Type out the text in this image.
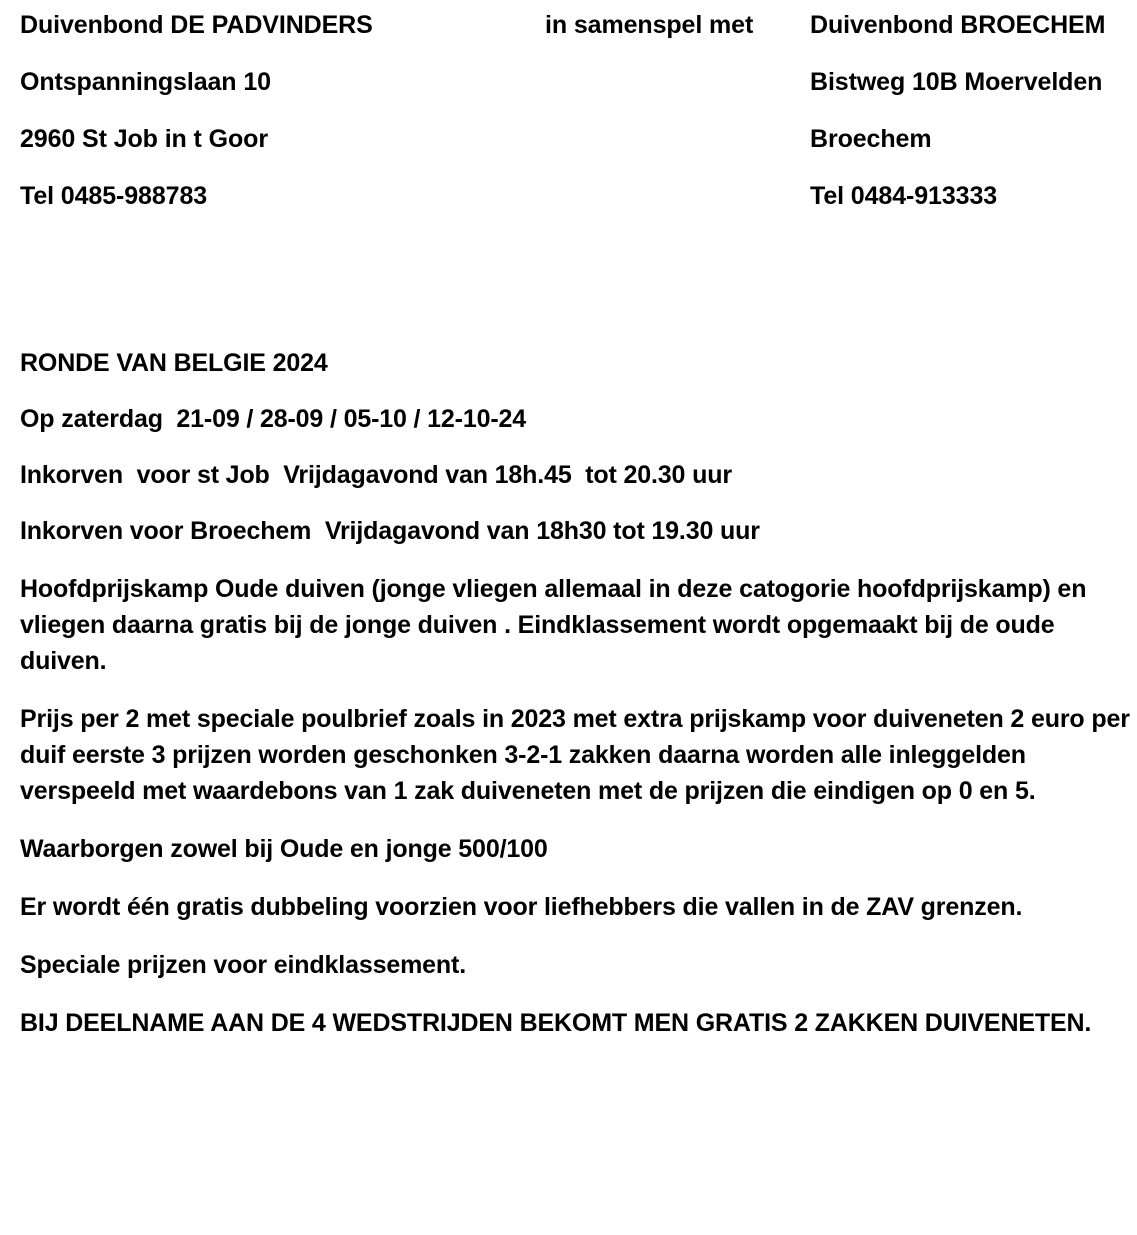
Duivenbond DE PADVINDERS	in samenspel met Duivenbond BROECHEM
Ontspanningslaan 10	Bistweg 10B Moervelden
2960 St Job in t Goor	Broechem
Tel 0485-988783	Tel 0484-913333

RONDE VAN BELGIE 2024

Op zaterdag  21-09 / 28-09 / 05-10 / 12-10-24

Inkorven  voor st Job  Vrijdagavond van 18h.45  tot 20.30 uur

Inkorven voor Broechem  Vrijdagavond van 18h30 tot 19.30 uur

Hoofdprijskamp Oude duiven (jonge vliegen allemaal in deze catogorie hoofdprijskamp) en vliegen daarna gratis bij de jonge duiven . Eindklassement wordt opgemaakt bij de oude duiven.

Prijs per 2 met speciale poulbrief zoals in 2023 met extra prijskamp voor duiveneten 2 euro per duif eerste 3 prijzen worden geschonken 3-2-1 zakken daarna worden alle inleggelden verspeeld met waardebons van 1 zak duiveneten met de prijzen die eindigen op 0 en 5.

Waarborgen zowel bij Oude en jonge 500/100

Er wordt één gratis dubbeling voorzien voor liefhebbers die vallen in de ZAV grenzen.

Speciale prijzen voor eindklassement.

BIJ DEELNAME AAN DE 4 WEDSTRIJDEN BEKOMT MEN GRATIS 2 ZAKKEN DUIVENETEN.
